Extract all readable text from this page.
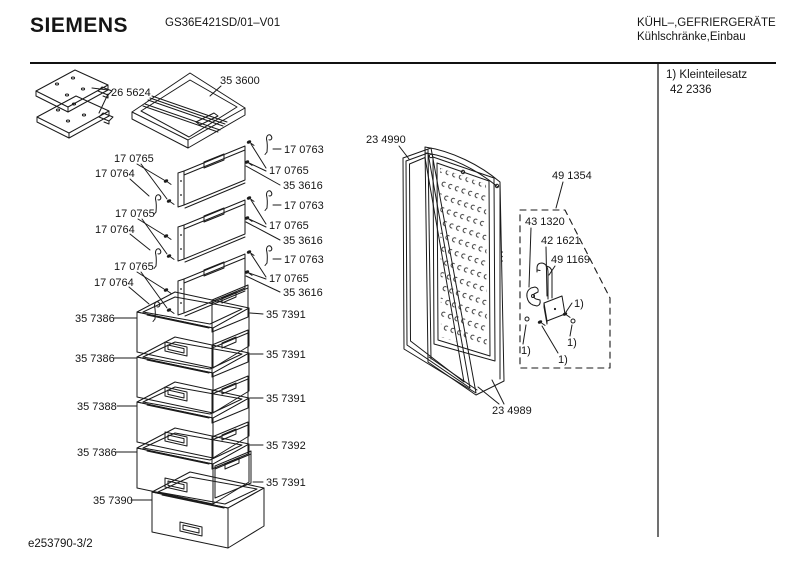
SIEMENS	GS36E421SD/01–V01	KÜHL–,GEFRIERGERÄTE
Kühlschränke,Einbau
1) Kleinteilesatz
42 2336
e253790-3/2
26 5624
35 3600
17 0765
17 0764
17 0765
17 0764
17 0765
17 0764
17 0763
17 0765
35 3616
17 0763
17 0765
35 3616
17 0763
17 0765
35 3616
35 7386	35 7391
35 7386	35 7391
35 7388
35 7391
35 7386
35 7392
35 7390
35 7391
23 4990
23 4989
49 1354
43 1320
42 1621
49 1169
1)
1)
1)
1)
